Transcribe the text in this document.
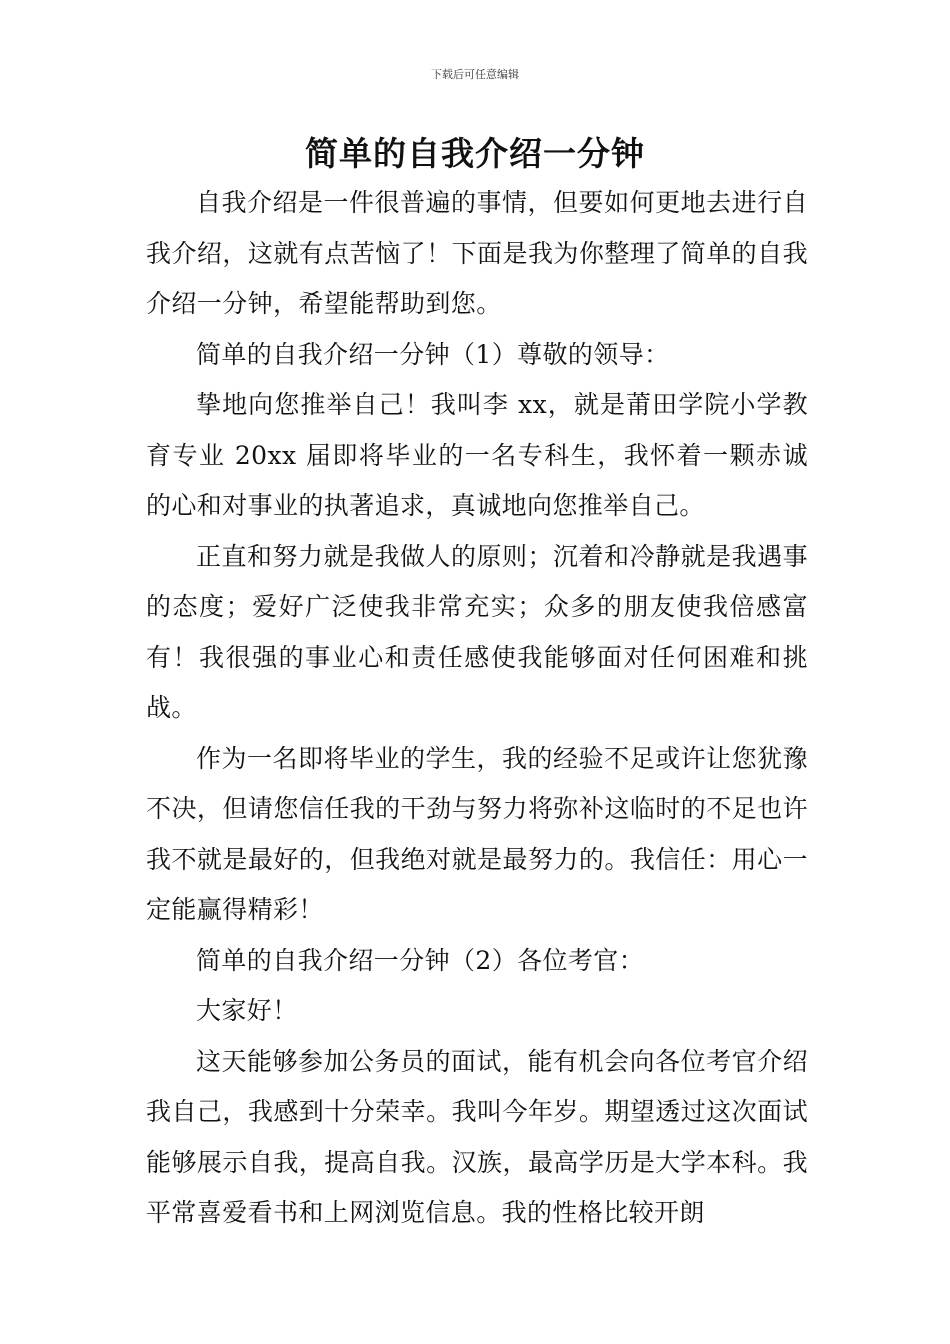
下载后可任意编辑
简单的自我介绍一分钟

自我介绍是一件很普遍的事情，但要如何更地去进行自我介绍，这就有点苦恼了！下面是我为你整理了简单的自我介绍一分钟，希望能帮助到您。

简单的自我介绍一分钟（1）尊敬的领导：

挚地向您推举自己！我叫李 xx，就是莆田学院小学教育专业 20xx 届即将毕业的一名专科生，我怀着一颗赤诚的心和对事业的执著追求，真诚地向您推举自己。

正直和努力就是我做人的原则；沉着和冷静就是我遇事的态度；爱好广泛使我非常充实；众多的朋友使我倍感富有！我很强的事业心和责任感使我能够面对任何困难和挑战。

作为一名即将毕业的学生，我的经验不足或许让您犹豫不决，但请您信任我的干劲与努力将弥补这临时的不足也许我不就是最好的，但我绝对就是最努力的。我信任：用心一定能赢得精彩！

简单的自我介绍一分钟（2）各位考官：

大家好！

这天能够参加公务员的面试，能有机会向各位考官介绍我自己，我感到十分荣幸。我叫今年岁。期望透过这次面试能够展示自我，提高自我。汉族，最高学历是大学本科。我平常喜爱看书和上网浏览信息。我的性格比较开朗
